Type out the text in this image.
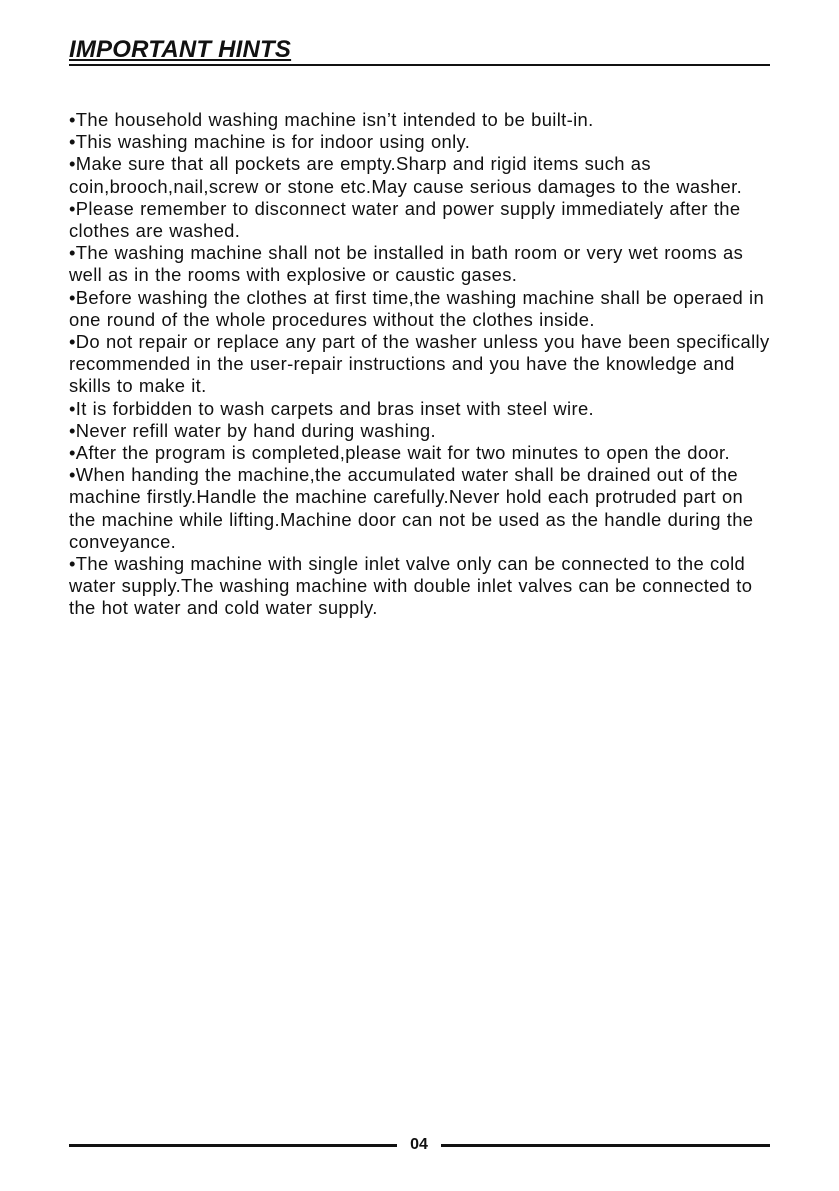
IMPORTANT HINTS

•The household washing machine isn’t intended to be built-in.

•This washing machine is for indoor using only.

•Make sure that all pockets are empty.Sharp and rigid items such as coin,brooch,nail,screw or stone etc.May cause serious damages to the washer.

•Please remember to disconnect water and power supply immediately after the clothes are washed.

•The washing machine shall not be installed in bath room or very wet rooms as well as in the rooms with explosive or caustic gases.

•Before washing the clothes at first time,the washing machine shall be operaed in one round of the whole procedures without the clothes inside.

•Do not repair or replace any part of the washer unless you have been specifically recommended in the user-repair instructions and you have the knowledge and skills to make it.

•It is forbidden to wash carpets and bras inset with steel wire.

•Never refill water by hand during washing.

•After the program is completed,please wait for two minutes to open the door.

•When handing the machine,the accumulated water shall be drained out of the machine firstly.Handle the machine carefully.Never hold each protruded part on the machine while lifting.Machine door can not be used as the handle during the conveyance.

•The washing machine with single inlet valve only can be connected to the cold water supply.The washing machine with double inlet valves can be connected to the hot water and cold water supply.

04
